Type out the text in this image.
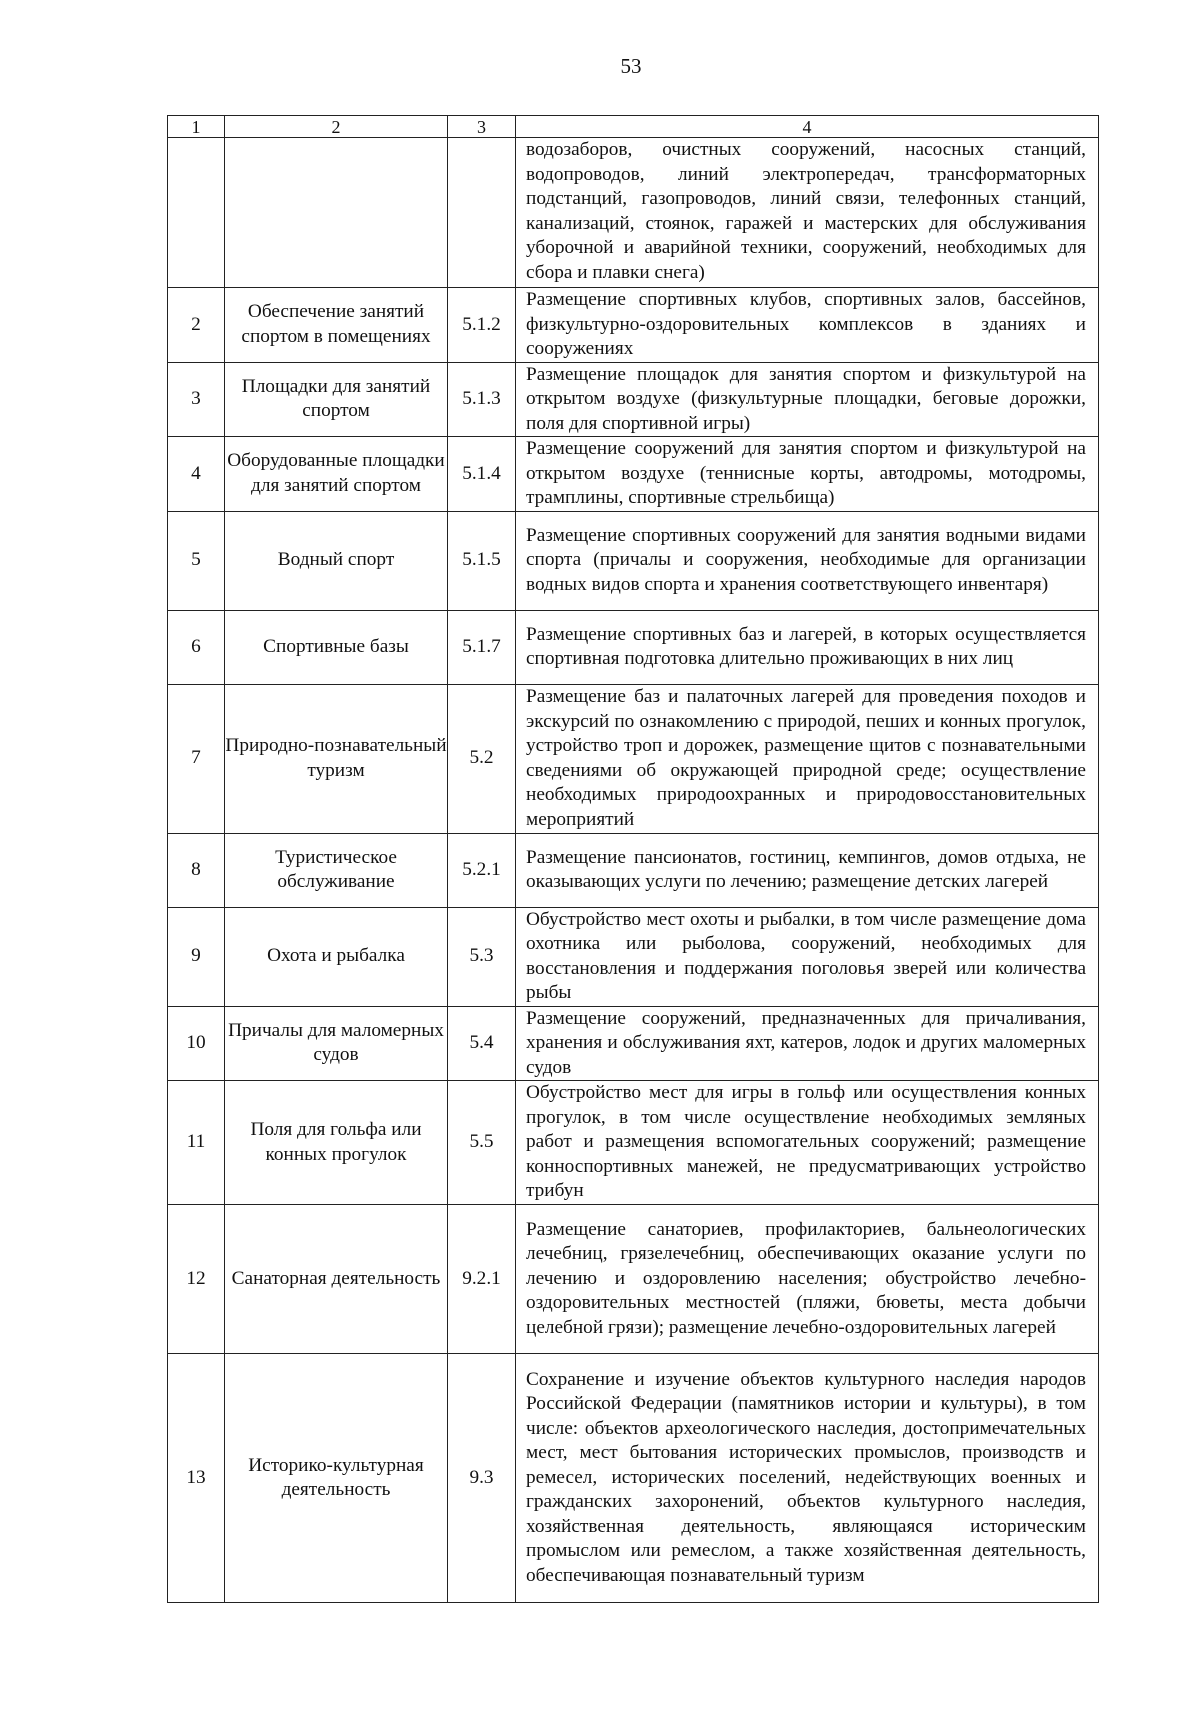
53
1	2	3	4
			водозаборов, очистных сооружений, насосных станций, водопроводов, линий электропередач, трансформаторных подстанций, газопроводов, линий связи, телефонных станций, канализаций, стоянок, гаражей и мастерских для обслуживания уборочной и аварийной техники, сооружений, необходимых для сбора и плавки снега)
2	Обеспечение занятий спортом в помещениях	5.1.2	Размещение спортивных клубов, спортивных залов, бассейнов, физкультурно-оздоровительных комплексов в зданиях и сооружениях
3	Площадки для занятий спортом	5.1.3	Размещение площадок для занятия спортом и физкультурой на открытом воздухе (физкультурные площадки, беговые дорожки, поля для спортивной игры)
4	Оборудованные площадки для занятий спортом	5.1.4	Размещение сооружений для занятия спортом и физкультурой на открытом воздухе (теннисные корты, автодромы, мотодромы, трамплины, спортивные стрельбища)
5	Водный спорт	5.1.5	Размещение спортивных сооружений для занятия водными видами спорта (причалы и сооружения, необходимые для организации водных видов спорта и хранения соответствующего инвентаря)
6	Спортивные базы	5.1.7	Размещение спортивных баз и лагерей, в которых осуществляется спортивная подготовка длительно проживающих в них лиц
7	Природно-познавательный туризм	5.2	Размещение баз и палаточных лагерей для проведения походов и экскурсий по ознакомлению с природой, пеших и конных прогулок, устройство троп и дорожек, размещение щитов с познавательными сведениями об окружающей природной среде; осуществление необходимых природоохранных и природовосстановительных мероприятий
8	Туристическое обслуживание	5.2.1	Размещение пансионатов, гостиниц, кемпингов, домов отдыха, не оказывающих услуги по лечению; размещение детских лагерей
9	Охота и рыбалка	5.3	Обустройство мест охоты и рыбалки, в том числе размещение дома охотника или рыболова, сооружений, необходимых для восстановления и поддержания поголовья зверей или количества рыбы
10	Причалы для маломерных судов	5.4	Размещение сооружений, предназначенных для причаливания, хранения и обслуживания яхт, катеров, лодок и других маломерных судов
11	Поля для гольфа или конных прогулок	5.5	Обустройство мест для игры в гольф или осуществления конных прогулок, в том числе осуществление необходимых земляных работ и размещения вспомогательных сооружений; размещение конноспортивных манежей, не предусматривающих устройство трибун
12	Санаторная деятельность	9.2.1	Размещение санаториев, профилакториев, бальнеологических лечебниц, грязелечебниц, обеспечивающих оказание услуги по лечению и оздоровлению населения; обустройство лечебно-оздоровительных местностей (пляжи, бюветы, места добычи целебной грязи); размещение лечебно-оздоровительных лагерей
13	Историко-культурная деятельность	9.3	Сохранение и изучение объектов культурного наследия народов Российской Федерации (памятников истории и культуры), в том числе: объектов археологического наследия, достопримечательных мест, мест бытования исторических промыслов, производств и ремесел, исторических поселений, недействующих военных и гражданских захоронений, объектов культурного наследия, хозяйственная деятельность, являющаяся историческим промыслом или ремеслом, а также хозяйственная деятельность, обеспечивающая познавательный туризм
